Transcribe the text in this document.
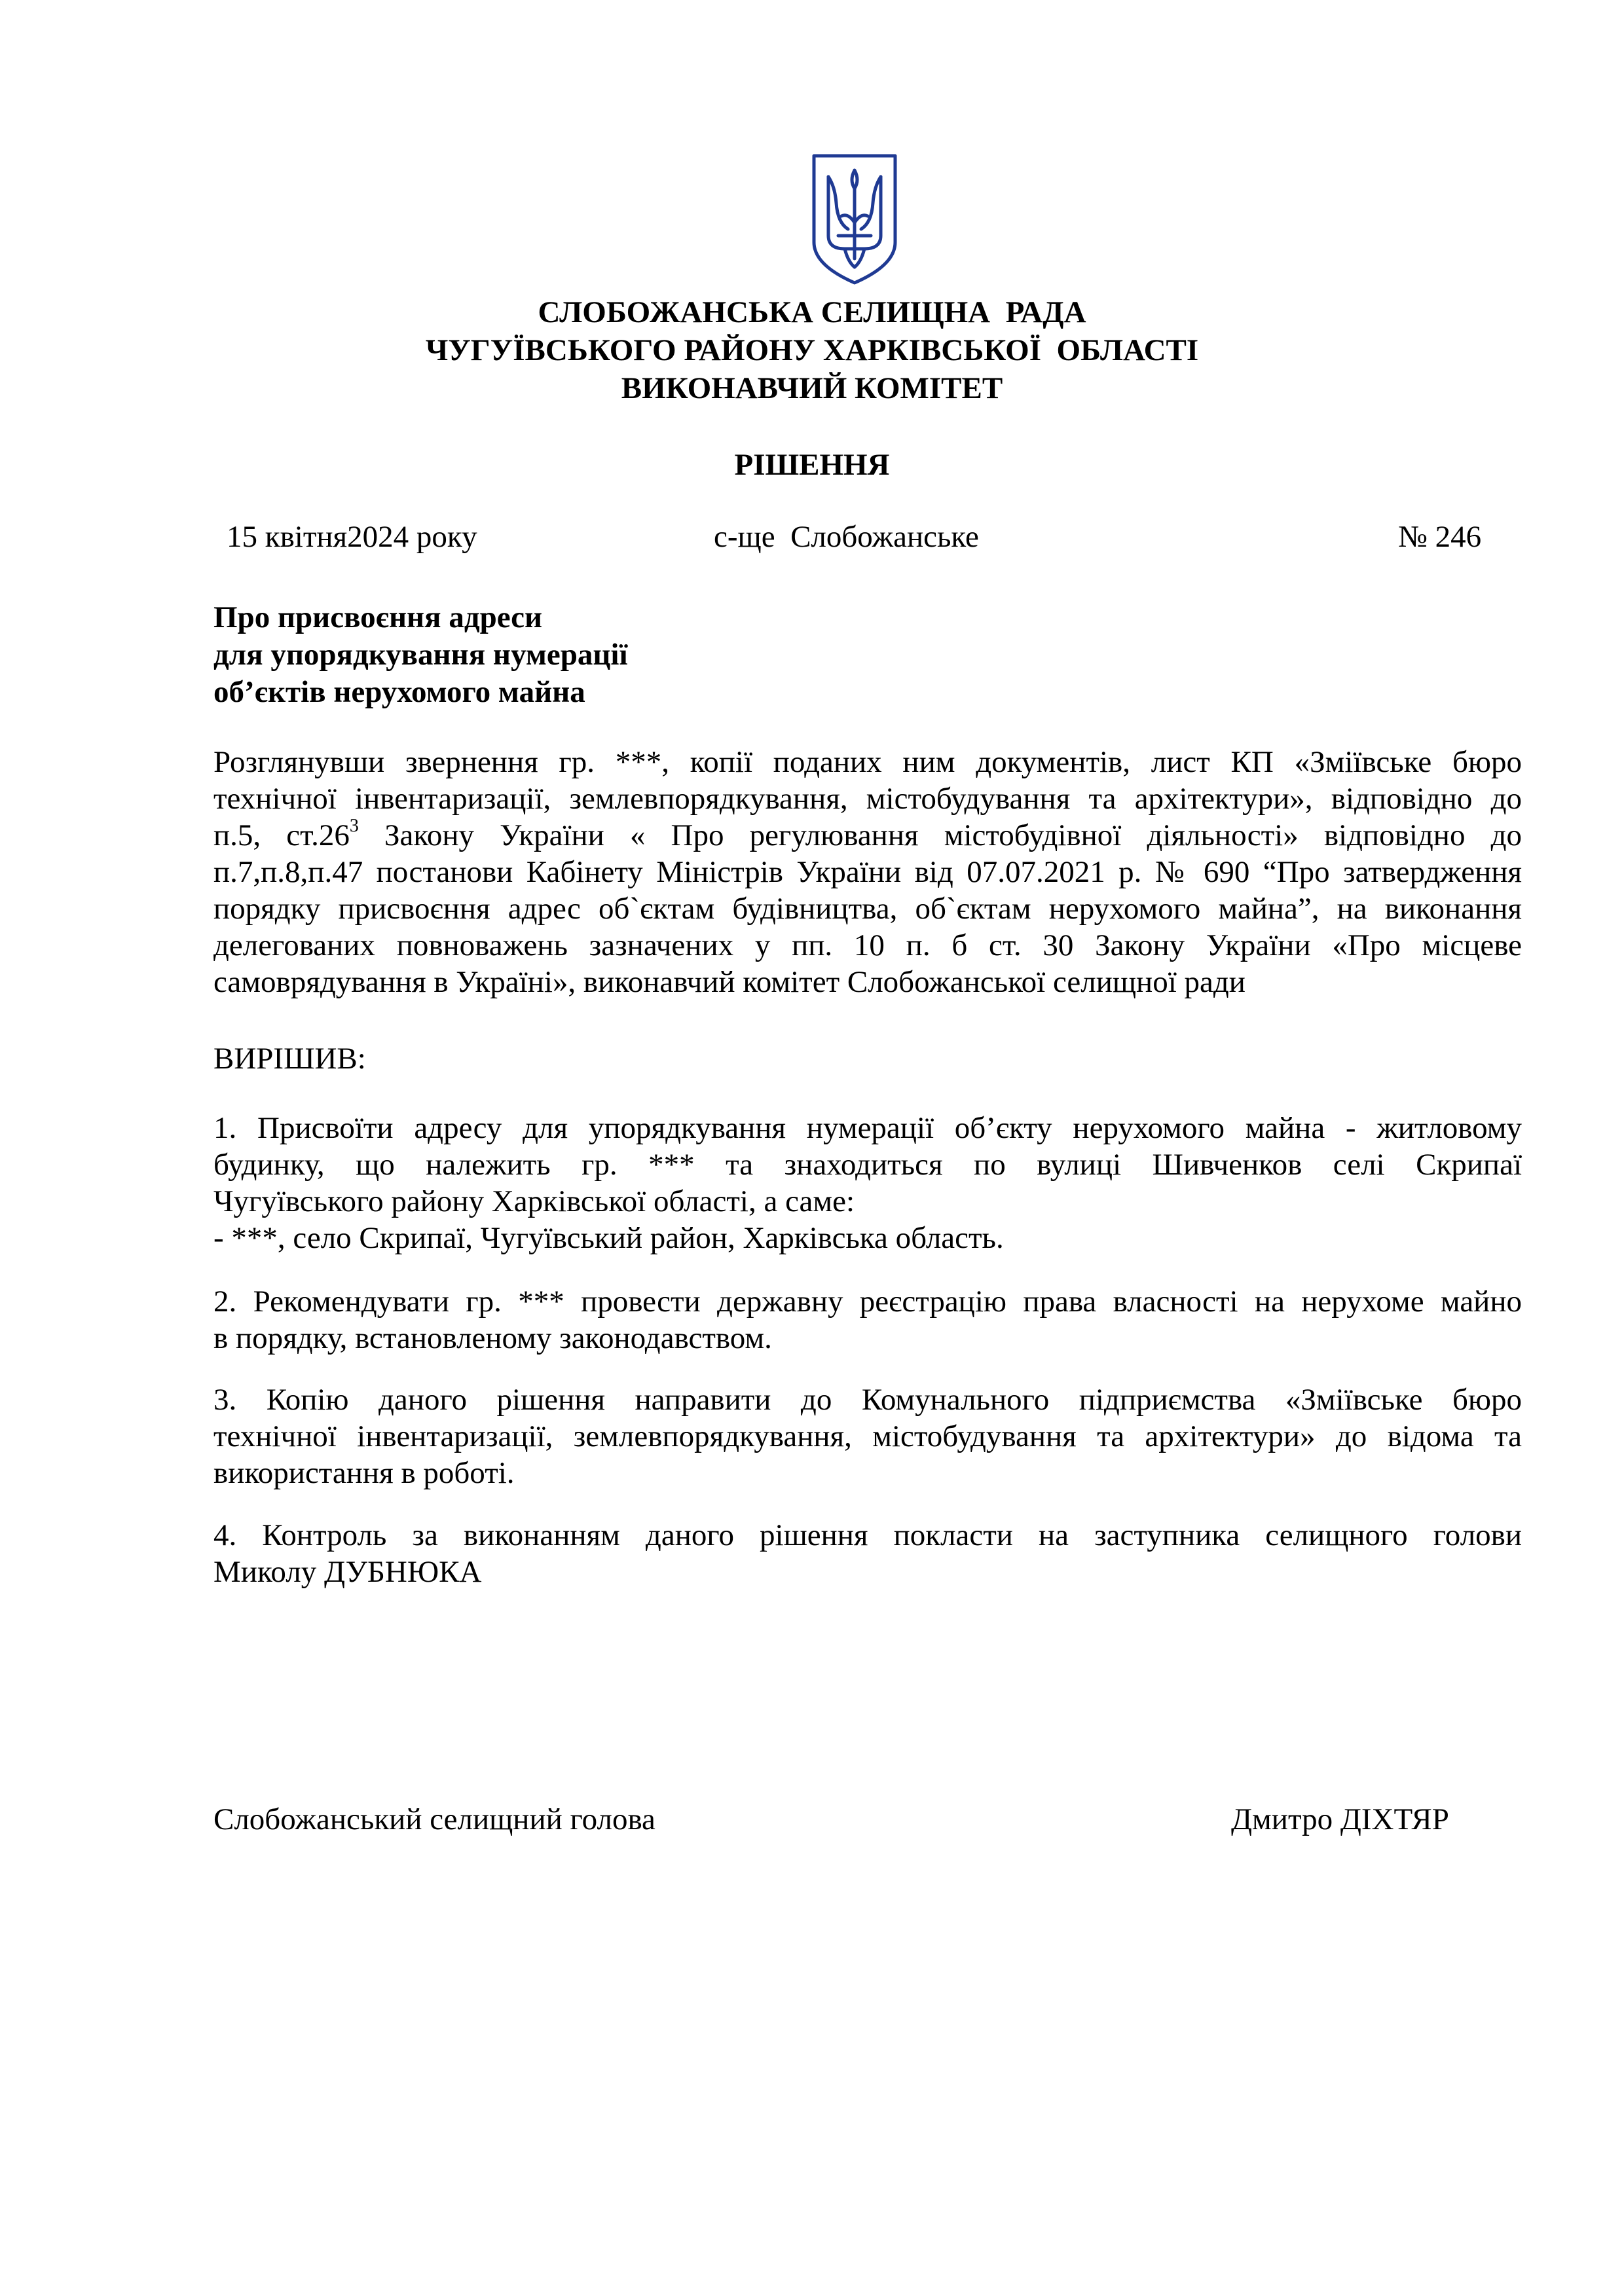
СЛОБОЖАНСЬКА СЕЛИЩНА  РАДА
ЧУГУЇВСЬКОГО РАЙОНУ ХАРКІВСЬКОЇ  ОБЛАСТІ
ВИКОНАВЧИЙ КОМІТЕТ
РІШЕННЯ
15 квітня2024 року	с-ще  Слобожанське	№ 246
Про присвоєння адреси
для упорядкування нумерації
об’єктів нерухомого майна
Розглянувши звернення гр. ***, копії поданих ним документів, лист КП «Зміївське бюро
технічної інвентаризації, землевпорядкування, містобудування та архітектури», відповідно до
п.5, $ст.26^3$ Закону України « Про регулювання містобудівної діяльності» відповідно до
п.7,п.8,п.47 постанови Кабінету Міністрів України від 07.07.2021 р. № 690 “Про затвердження
порядку присвоєння адрес об`єктам будівництва, об`єктам нерухомого майна”, на виконання
делегованих повноважень зазначених у пп. 10 п. б ст. 30 Закону України «Про місцеве
самоврядування в Україні», виконавчий комітет Слобожанської селищної ради
ВИРІШИВ:
1. Присвоїти адресу для упорядкування нумерації об’єкту нерухомого майна - житловому
будинку, що належить гр. *** та знаходиться по вулиці Шивченков селі Скрипаї
Чугуївського району Харківської області, а саме:
- ***, село Скрипаї, Чугуївський район, Харківська область.
2. Рекомендувати гр. *** провести державну реєстрацію права власності на нерухоме майно
в порядку, встановленому законодавством.
3. Копію даного рішення направити до Комунального підприємства «Зміївське бюро
технічної інвентаризації, землевпорядкування, містобудування та архітектури» до відома та
використання в роботі.
4. Контроль за виконанням даного рішення покласти на заступника селищного голови
Миколу ДУБНЮКА
Слобожанський селищний голова	Дмитро ДІХТЯР
